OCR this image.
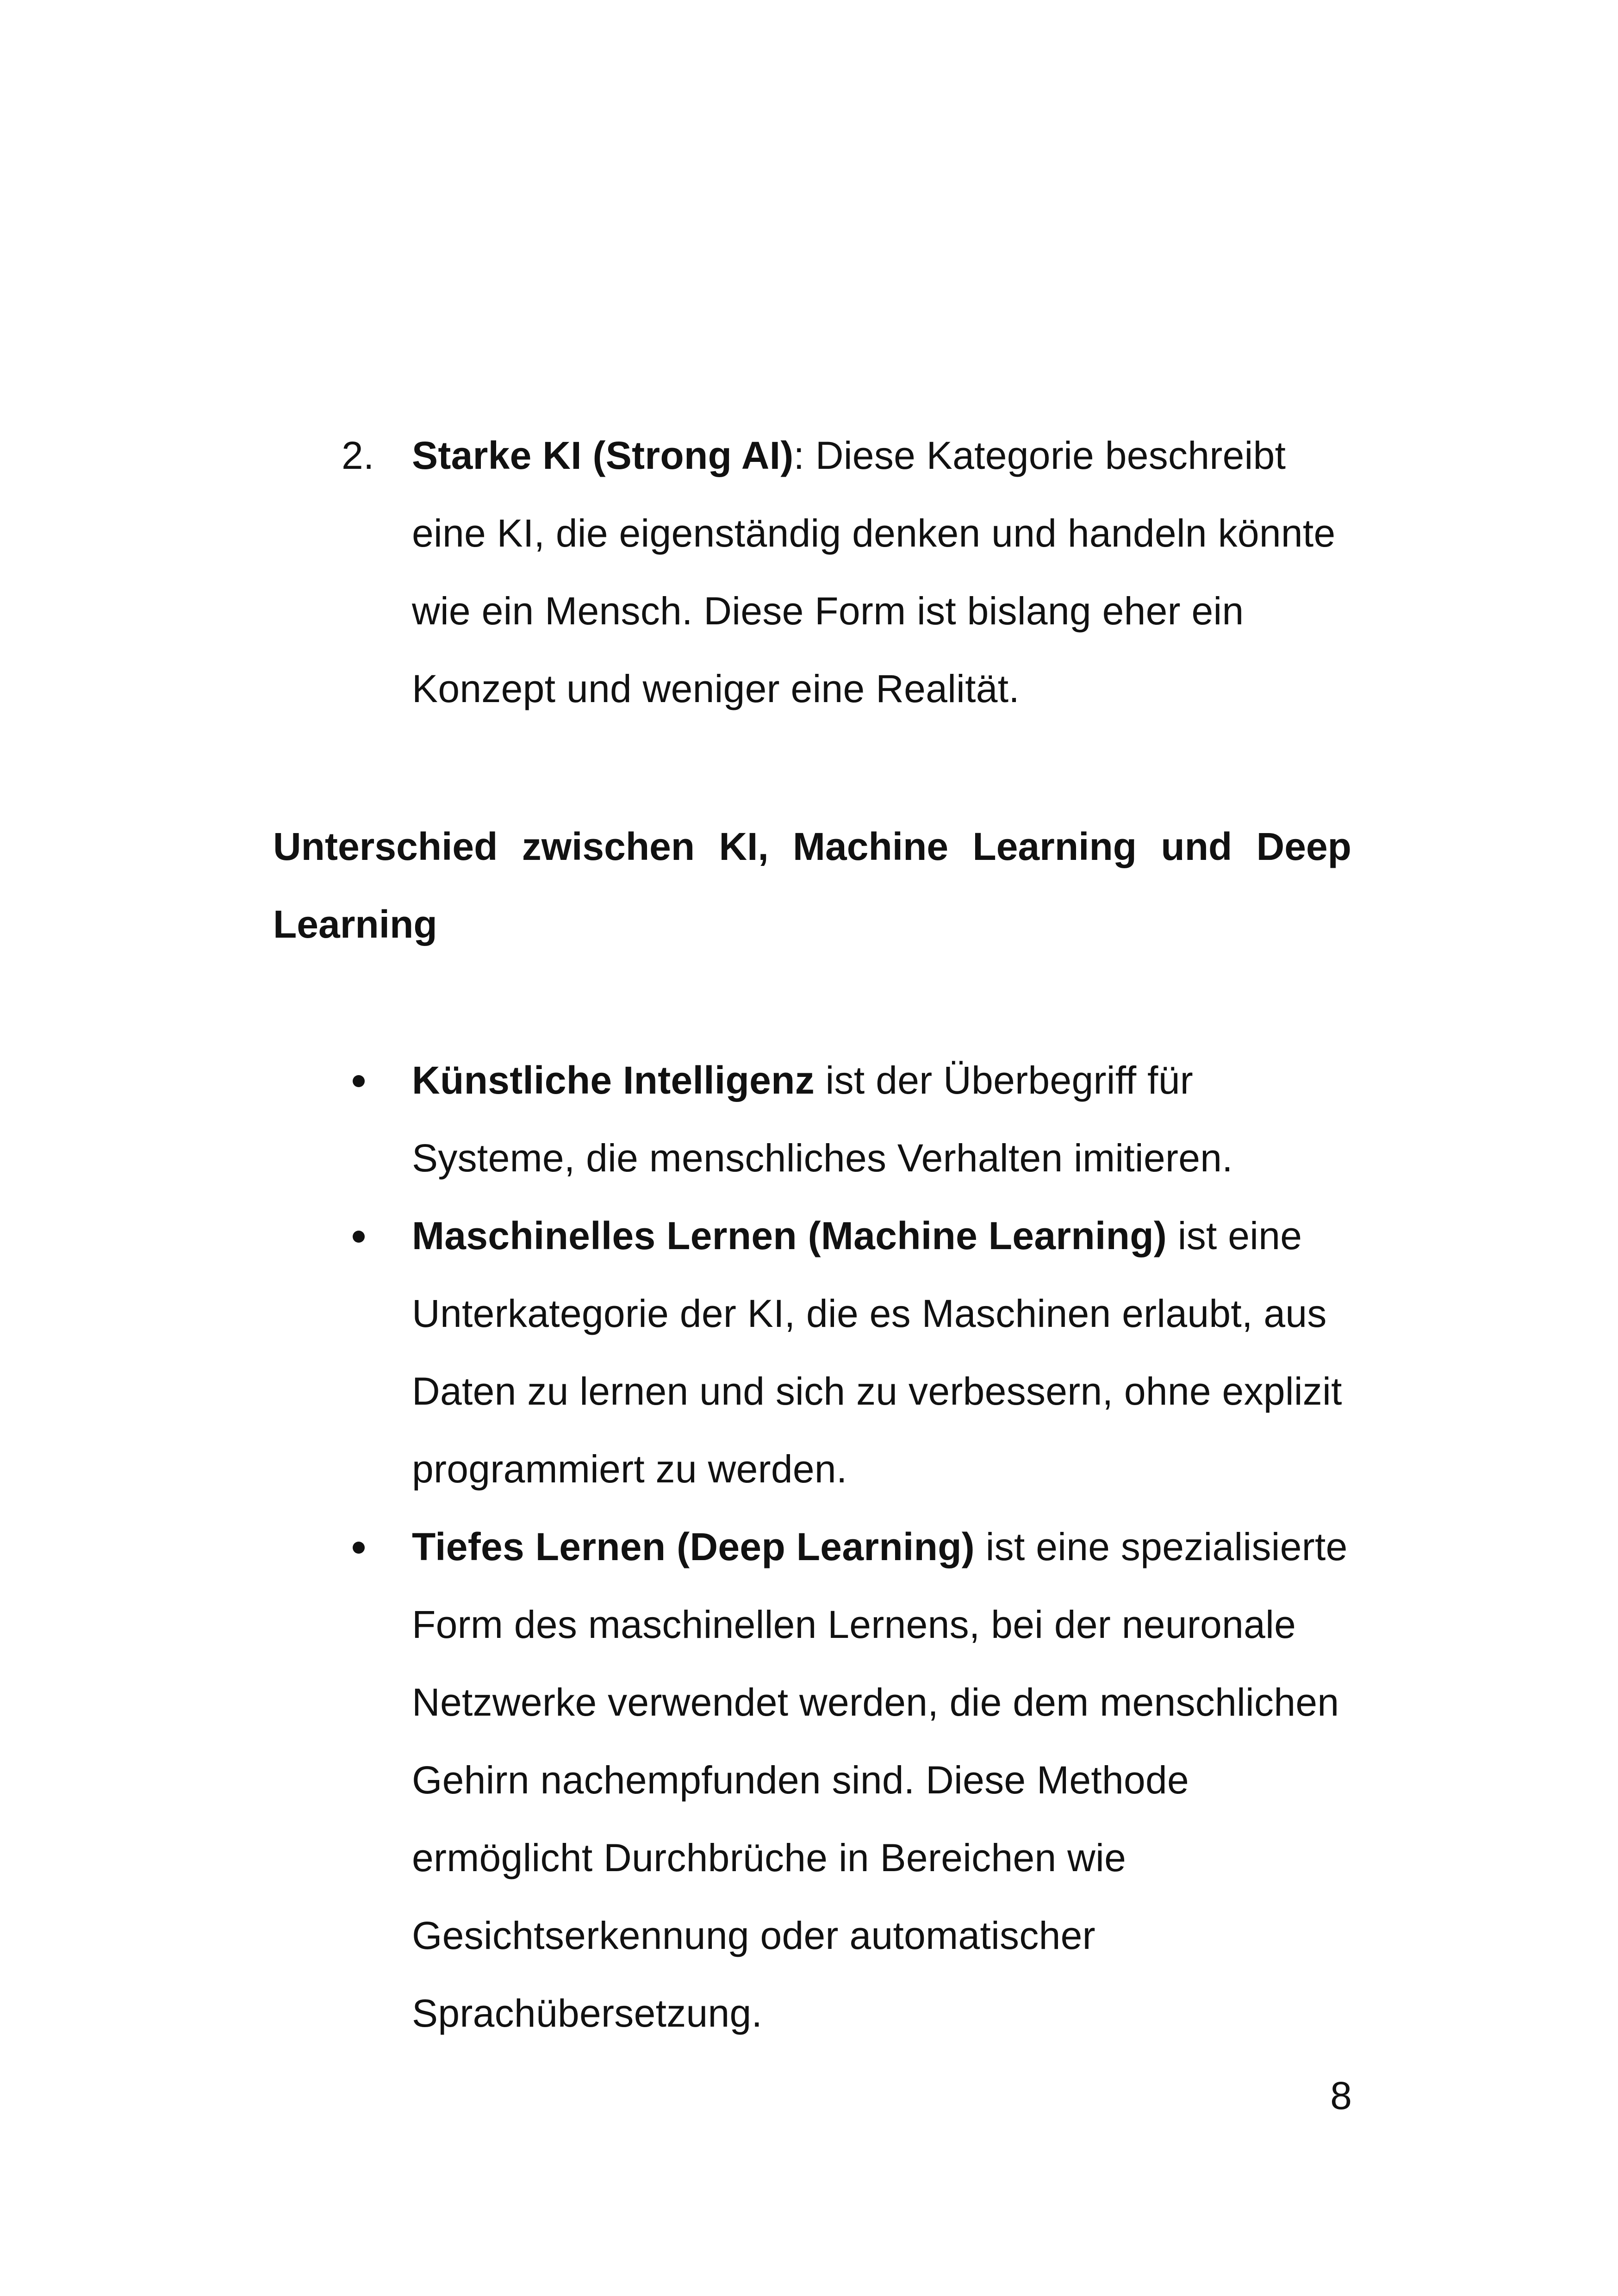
2. Starke KI (Strong AI): Diese Kategorie beschreibt eine KI, die eigenständig denken und handeln könnte wie ein Mensch. Diese Form ist bislang eher ein Konzept und weniger eine Realität.
Unterschied zwischen KI, Machine Learning und Deep Learning
Künstliche Intelligenz ist der Überbegriff für Systeme, die menschliches Verhalten imitieren.
Maschinelles Lernen (Machine Learning) ist eine Unterkategorie der KI, die es Maschinen erlaubt, aus Daten zu lernen und sich zu verbessern, ohne explizit programmiert zu werden.
Tiefes Lernen (Deep Learning) ist eine spezialisierte Form des maschinellen Lernens, bei der neuronale Netzwerke verwendet werden, die dem menschlichen Gehirn nachempfunden sind. Diese Methode ermöglicht Durchbrüche in Bereichen wie Gesichtserkennung oder automatischer Sprachübersetzung.
8
